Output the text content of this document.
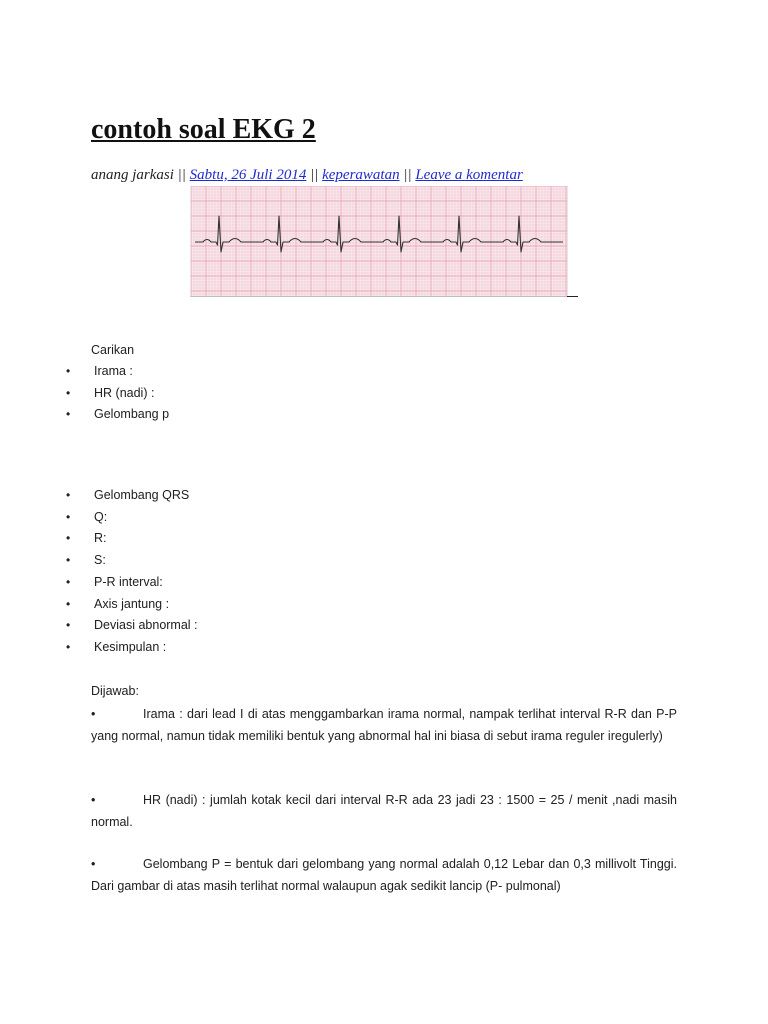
contoh soal EKG 2
anang jarkasi || Sabtu, 26 Juli 2014 || keperawatan || Leave a komentar
Carikan
• Irama :
• HR (nadi) :
• Gelombang p
• Gelombang QRS
• Q:
• R:
• S:
• P-R interval:
• Axis jantung :
• Deviasi abnormal :
• Kesimpulan :
Dijawab:
•	Irama : dari lead I di atas menggambarkan irama normal, nampak terlihat interval R-R dan P-P yang normal, namun tidak memiliki bentuk yang abnormal hal ini biasa di sebut irama reguler iregulerly)
•	HR (nadi) : jumlah kotak kecil dari interval R-R ada 23 jadi 23 : 1500 = 25 / menit ,nadi masih normal.
•	Gelombang P = bentuk dari gelombang yang normal adalah 0,12 Lebar dan 0,3 millivolt Tinggi. Dari gambar di atas masih terlihat normal walaupun agak sedikit lancip (P- pulmonal)
